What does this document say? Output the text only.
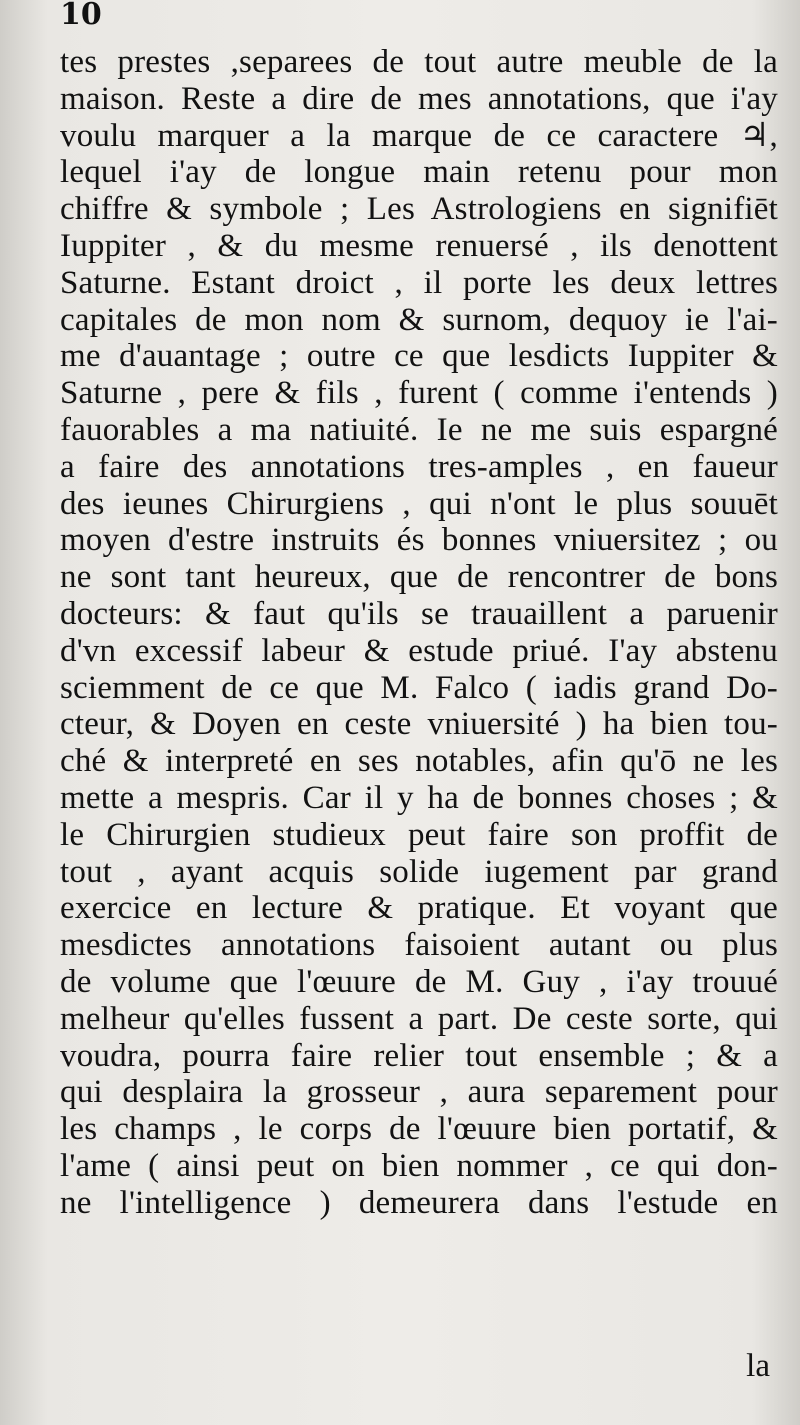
10
tes prestes ,separees de tout autre meuble de la
maison. Reste a dire de mes annotations, que i'ay
voulu marquer a la marque de ce caractere ♃,
lequel i'ay de longue main retenu pour mon
chiffre & symbole ; Les Astrologiens en signifiēt
Iuppiter , & du mesme renuersé , ils denottent
Saturne. Estant droict , il porte les deux lettres
capitales de mon nom & surnom, dequoy ie l'ai-
me d'auantage ; outre ce que lesdicts Iuppiter &
Saturne , pere & fils , furent ( comme i'entends )
fauorables a ma natiuité. Ie ne me suis espargné
a faire des annotations tres-amples , en faueur
des ieunes Chirurgiens , qui n'ont le plus souuēt
moyen d'estre instruits és bonnes vniuersitez ; ou
ne sont tant heureux, que de rencontrer de bons
docteurs: & faut qu'ils se trauaillent a paruenir
d'vn excessif labeur & estude priué. I'ay abstenu
sciemment de ce que M. Falco ( iadis grand Do-
cteur, & Doyen en ceste vniuersité ) ha bien tou-
ché & interpreté en ses notables, afin qu'ō ne les
mette a mespris. Car il y ha de bonnes choses ; &
le Chirurgien studieux peut faire son proffit de
tout , ayant acquis solide iugement par grand
exercice en lecture & pratique. Et voyant que
mesdictes annotations faisoient autant ou plus
de volume que l'œuure de M. Guy , i'ay trouué
melheur qu'elles fussent a part. De ceste sorte, qui
voudra, pourra faire relier tout ensemble ; & a
qui desplaira la grosseur , aura separement pour
les champs , le corps de l'œuure bien portatif, &
l'ame ( ainsi peut on bien nommer , ce qui don-
ne l'intelligence ) demeurera dans l'estude en
la
